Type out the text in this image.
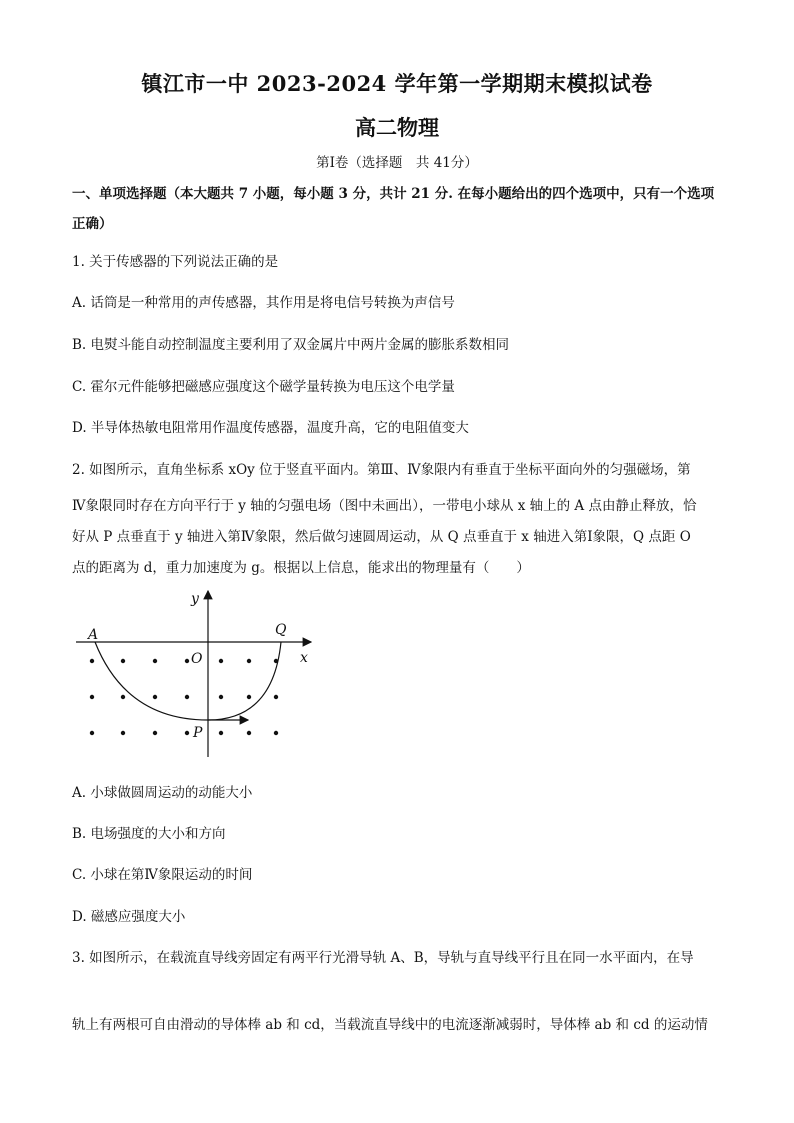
镇江市一中 2023-2024 学年第一学期期末模拟试卷
高二物理
第Ⅰ卷（选择题　共 41分）
一、单项选择题（本大题共 7 小题，每小题 3 分，共计 21 分. 在每小题给出的四个选项中，只有一个选项
正确）
1. 关于传感器的下列说法正确的是
A. 话筒是一种常用的声传感器，其作用是将电信号转换为声信号
B. 电熨斗能自动控制温度主要利用了双金属片中两片金属的膨胀系数相同
C. 霍尔元件能够把磁感应强度这个磁学量转换为电压这个电学量
D. 半导体热敏电阻常用作温度传感器，温度升高，它的电阻值变大
2. 如图所示，直角坐标系 xOy 位于竖直平面内。第Ⅲ、Ⅳ象限内有垂直于坐标平面向外的匀强磁场，第
Ⅳ象限同时存在方向平行于 y 轴的匀强电场（图中未画出），一带电小球从 x 轴上的 A 点由静止释放，恰
好从 P 点垂直于 y 轴进入第Ⅳ象限，然后做匀速圆周运动，从 Q 点垂直于 x 轴进入第Ⅰ象限，Q 点距 O
点的距离为 d，重力加速度为 g。根据以上信息，能求出的物理量有（　　）
y
x
A	Q
O
P
A. 小球做圆周运动的动能大小
B. 电场强度的大小和方向
C. 小球在第Ⅳ象限运动的时间
D. 磁感应强度大小
3. 如图所示，在载流直导线旁固定有两平行光滑导轨 A、B，导轨与直导线平行且在同一水平面内，在导
轨上有两根可自由滑动的导体棒 ab 和 cd，当载流直导线中的电流逐渐减弱时，导体棒 ab 和 cd 的运动情
